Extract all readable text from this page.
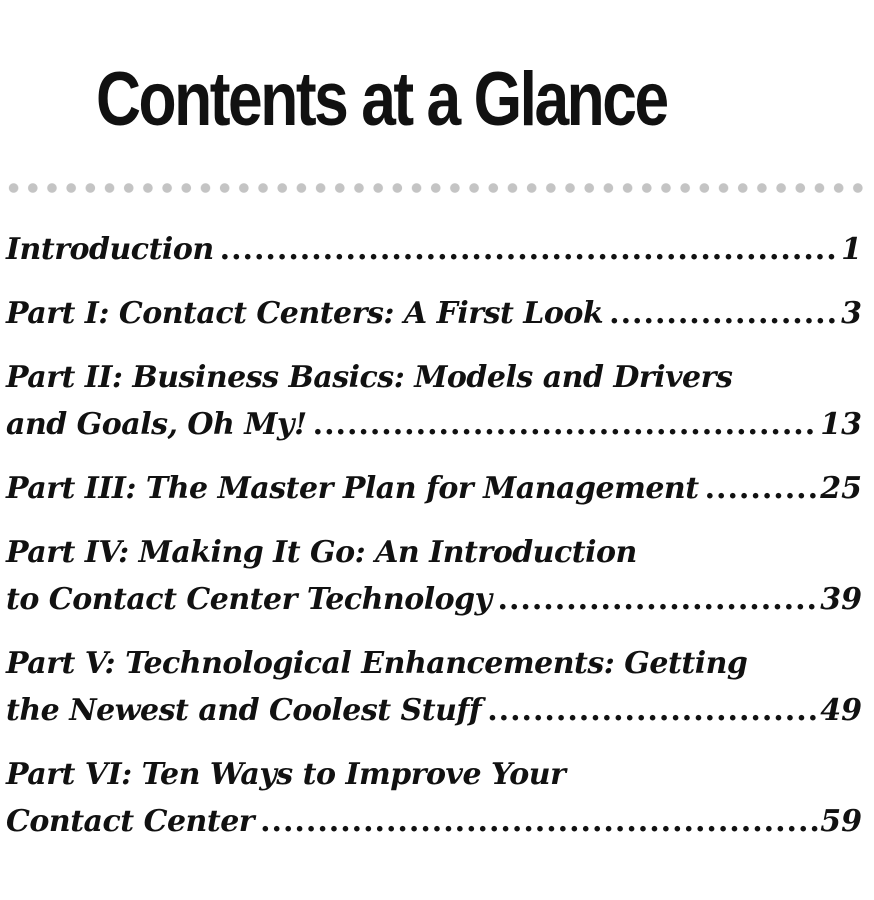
Contents at a Glance
Introduction .....	1
Part I: Contact Centers: A First Look .....	3
Part II: Business Basics: Models and Drivers
and Goals, Oh My! .....	13
Part III: The Master Plan for Management .....	25
Part IV: Making It Go: An Introduction
to Contact Center Technology .....	39
Part V: Technological Enhancements: Getting
the Newest and Coolest Stuff .....	49
Part VI: Ten Ways to Improve Your
Contact Center .....	59
